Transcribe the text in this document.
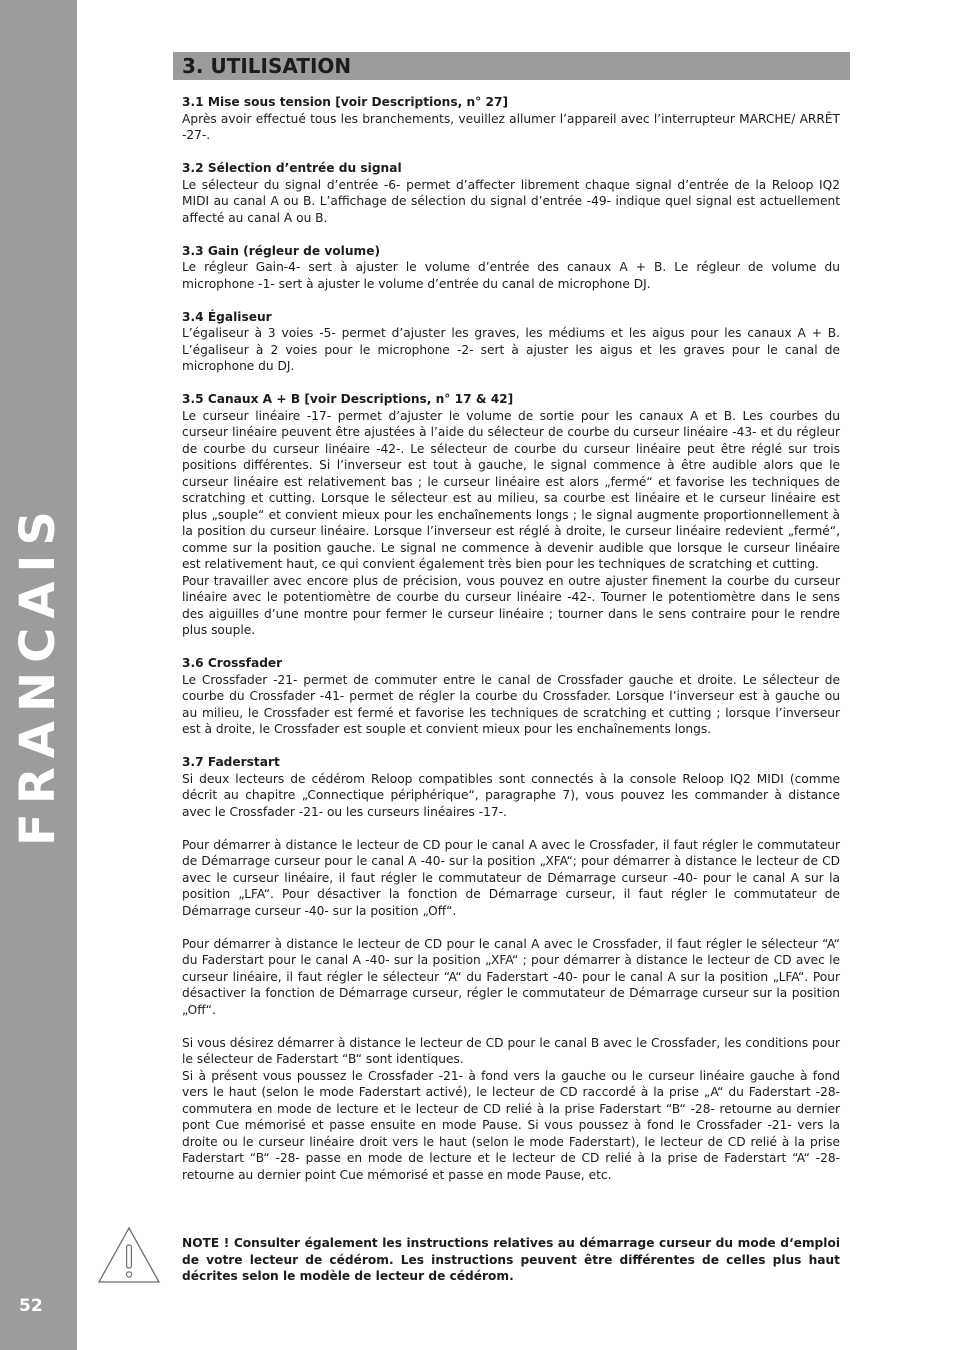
FRANCAIS
52
3. UTILISATION
3.1 Mise sous tension [voir Descriptions, n° 27]

Après avoir effectué tous les branchements, veuillez allumer l’appareil avec l’interrupteur MARCHE/ ARRÊT -27-.

3.2 Sélection d’entrée du signal

Le sélecteur du signal d’entrée -6- permet d’affecter librement chaque signal d’entrée de la Reloop IQ2 MIDI au canal A ou B. L’affichage de sélection du signal d’entrée -49- indique quel signal est actuellement affecté au canal A ou B.

3.3 Gain (régleur de volume)

Le régleur Gain-4- sert à ajuster le volume d’entrée des canaux A + B. Le régleur de volume du microphone -1- sert à ajuster le volume d’entrée du canal de microphone DJ.

3.4 Égaliseur

L’égaliseur à 3 voies -5- permet d’ajuster les graves, les médiums et les aigus pour les canaux A + B. L’égaliseur à 2 voies pour le microphone -2- sert à ajuster les aigus et les graves pour le canal de microphone du DJ.

3.5 Canaux A + B [voir Descriptions, n° 17 & 42]

Le curseur linéaire -17- permet d’ajuster le volume de sortie pour les canaux A et B. Les courbes du curseur linéaire peuvent être ajustées à l’aide du sélecteur de courbe du curseur linéaire -43- et du régleur de courbe du curseur linéaire -42-. Le sélecteur de courbe du curseur linéaire peut être réglé sur trois positions différentes. Si l’inverseur est tout à gauche, le signal commence à être audible alors que le curseur linéaire est relativement bas ; le curseur linéaire est alors „fermé“ et favorise les techniques de scratching et cutting. Lorsque le sélecteur est au milieu, sa courbe est linéaire et le curseur linéaire est plus „souple“ et convient mieux pour les enchaînements longs ; le signal augmente proportionnellement à la position du curseur linéaire. Lorsque l’inverseur est réglé à droite, le curseur linéaire redevient „fermé“, comme sur la position gauche. Le signal ne commence à devenir audible que lorsque le curseur linéaire est relativement haut, ce qui convient également très bien pour les techniques de scratching et cutting.

Pour travailler avec encore plus de précision, vous pouvez en outre ajuster finement la courbe du curseur linéaire avec le potentiomètre de courbe du curseur linéaire -42-. Tourner le potentiomètre dans le sens des aiguilles d’une montre pour fermer le curseur linéaire ; tourner dans le sens contraire pour le rendre plus souple.

3.6 Crossfader

Le Crossfader -21- permet de commuter entre le canal de Crossfader gauche et droite. Le sélecteur de courbe du Crossfader -41- permet de régler la courbe du Crossfader. Lorsque l’inverseur est à gauche ou au milieu, le Crossfader est fermé et favorise les techniques de scratching et cutting ; lorsque l’inverseur est à droite, le Crossfader est souple et convient mieux pour les enchaînements longs.

3.7 Faderstart

Si deux lecteurs de cédérom Reloop compatibles sont connectés à la console Reloop IQ2 MIDI (comme décrit au chapitre „Connectique périphérique“, paragraphe 7), vous pouvez les commander à distance avec le Crossfader -21- ou les curseurs linéaires -17-.

Pour démarrer à distance le lecteur de CD pour le canal A avec le Crossfader, il faut régler le commutateur de Démarrage curseur pour le canal A -40- sur la position „XFA“; pour démarrer à distance le lecteur de CD avec le curseur linéaire, il faut régler le commutateur de Démarrage curseur -40- pour le canal A sur la position „LFA“. Pour désactiver la fonction de Démarrage curseur, il faut régler le commutateur de Démarrage curseur -40- sur la position „Off“.

Pour démarrer à distance le lecteur de CD pour le canal A avec le Crossfader, il faut régler le sélecteur “A“ du Faderstart pour le canal A -40- sur la position „XFA“ ; pour démarrer à distance le lecteur de CD avec le curseur linéaire, il faut régler le sélecteur “A“ du Faderstart -40- pour le canal A sur la position „LFA“. Pour désactiver la fonction de Démarrage curseur, régler le commutateur de Démarrage curseur sur la position „Off“.

Si vous désirez démarrer à distance le lecteur de CD pour le canal B avec le Crossfader, les conditions pour le sélecteur de Faderstart “B“ sont identiques.

Si à présent vous poussez le Crossfader -21- à fond vers la gauche ou le curseur linéaire gauche à fond vers le haut (selon le mode Faderstart activé), le lecteur de CD raccordé à la prise „A“ du Faderstart -28- commutera en mode de lecture et le lecteur de CD relié à la prise Faderstart “B“ -28- retourne au dernier pont Cue mémorisé et passe ensuite en mode Pause. Si vous poussez à fond le Crossfader -21- vers la droite ou le curseur linéaire droit vers le haut (selon le mode Faderstart), le lecteur de CD relié à la prise Faderstart “B“ -28- passe en mode de lecture et le lecteur de CD relié à la prise de Faderstart “A“ -28- retourne au dernier point Cue mémorisé et passe en mode Pause, etc.

NOTE ! Consulter également les instructions relatives au démarrage curseur du mode d‘emploi de votre lecteur de cédérom. Les instructions peuvent être différentes de celles plus haut décrites selon le modèle de lecteur de cédérom.
